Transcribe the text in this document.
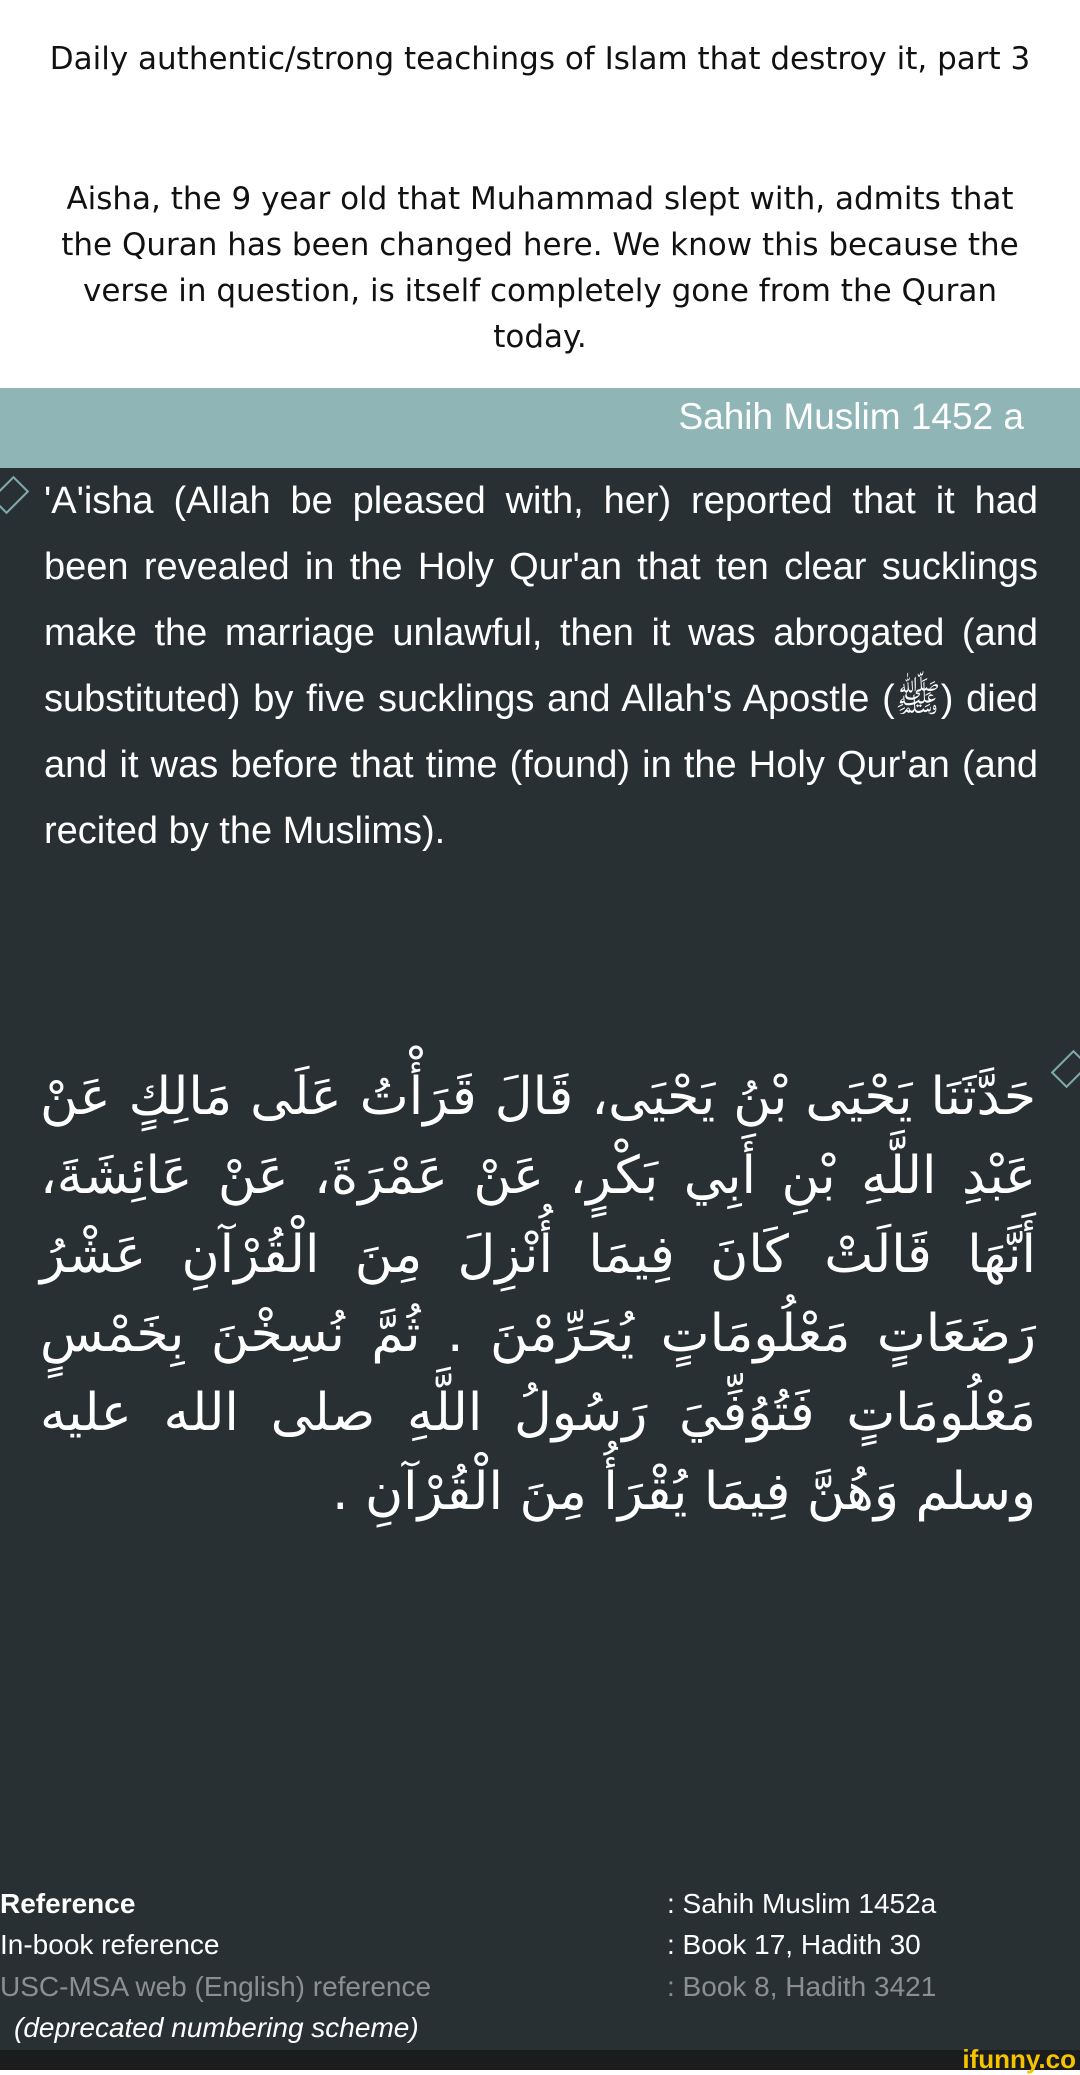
Daily authentic/strong teachings of Islam that destroy it, part 3
Aisha, the 9 year old that Muhammad slept with, admits that the Quran has been changed here. We know this because the verse in question, is itself completely gone from the Quran today.
Sahih Muslim 1452 a
'A'isha (Allah be pleased with, her) reported that it had been revealed in the Holy Qur'an that ten clear sucklings make the marriage unlawful, then it was abrogated (and substituted) by five sucklings and Allah's Apostle (ﷺ) died and it was before that time (found) in the Holy Qur'an (and recited by the Muslims).
حَدَّثَنَا يَحْيَى بْنُ يَحْيَى، قَالَ قَرَأْتُ عَلَى مَالِكٍ عَنْ عَبْدِ اللَّهِ بْنِ أَبِي بَكْرٍ، عَنْ عَمْرَةَ، عَنْ عَائِشَةَ، أَنَّهَا قَالَتْ كَانَ فِيمَا أُنْزِلَ مِنَ الْقُرْآنِ عَشْرُ رَضَعَاتٍ مَعْلُومَاتٍ يُحَرِّمْنَ . ثُمَّ نُسِخْنَ بِخَمْسٍ مَعْلُومَاتٍ فَتُوُفِّيَ رَسُولُ اللَّهِ صلى الله عليه وسلم وَهُنَّ فِيمَا يُقْرَأُ مِنَ الْقُرْآنِ .
Reference	: Sahih Muslim 1452a
In-book reference	: Book 17, Hadith 30
USC-MSA web (English) reference	: Book 8, Hadith 3421
(deprecated numbering scheme)
ifunny.co
